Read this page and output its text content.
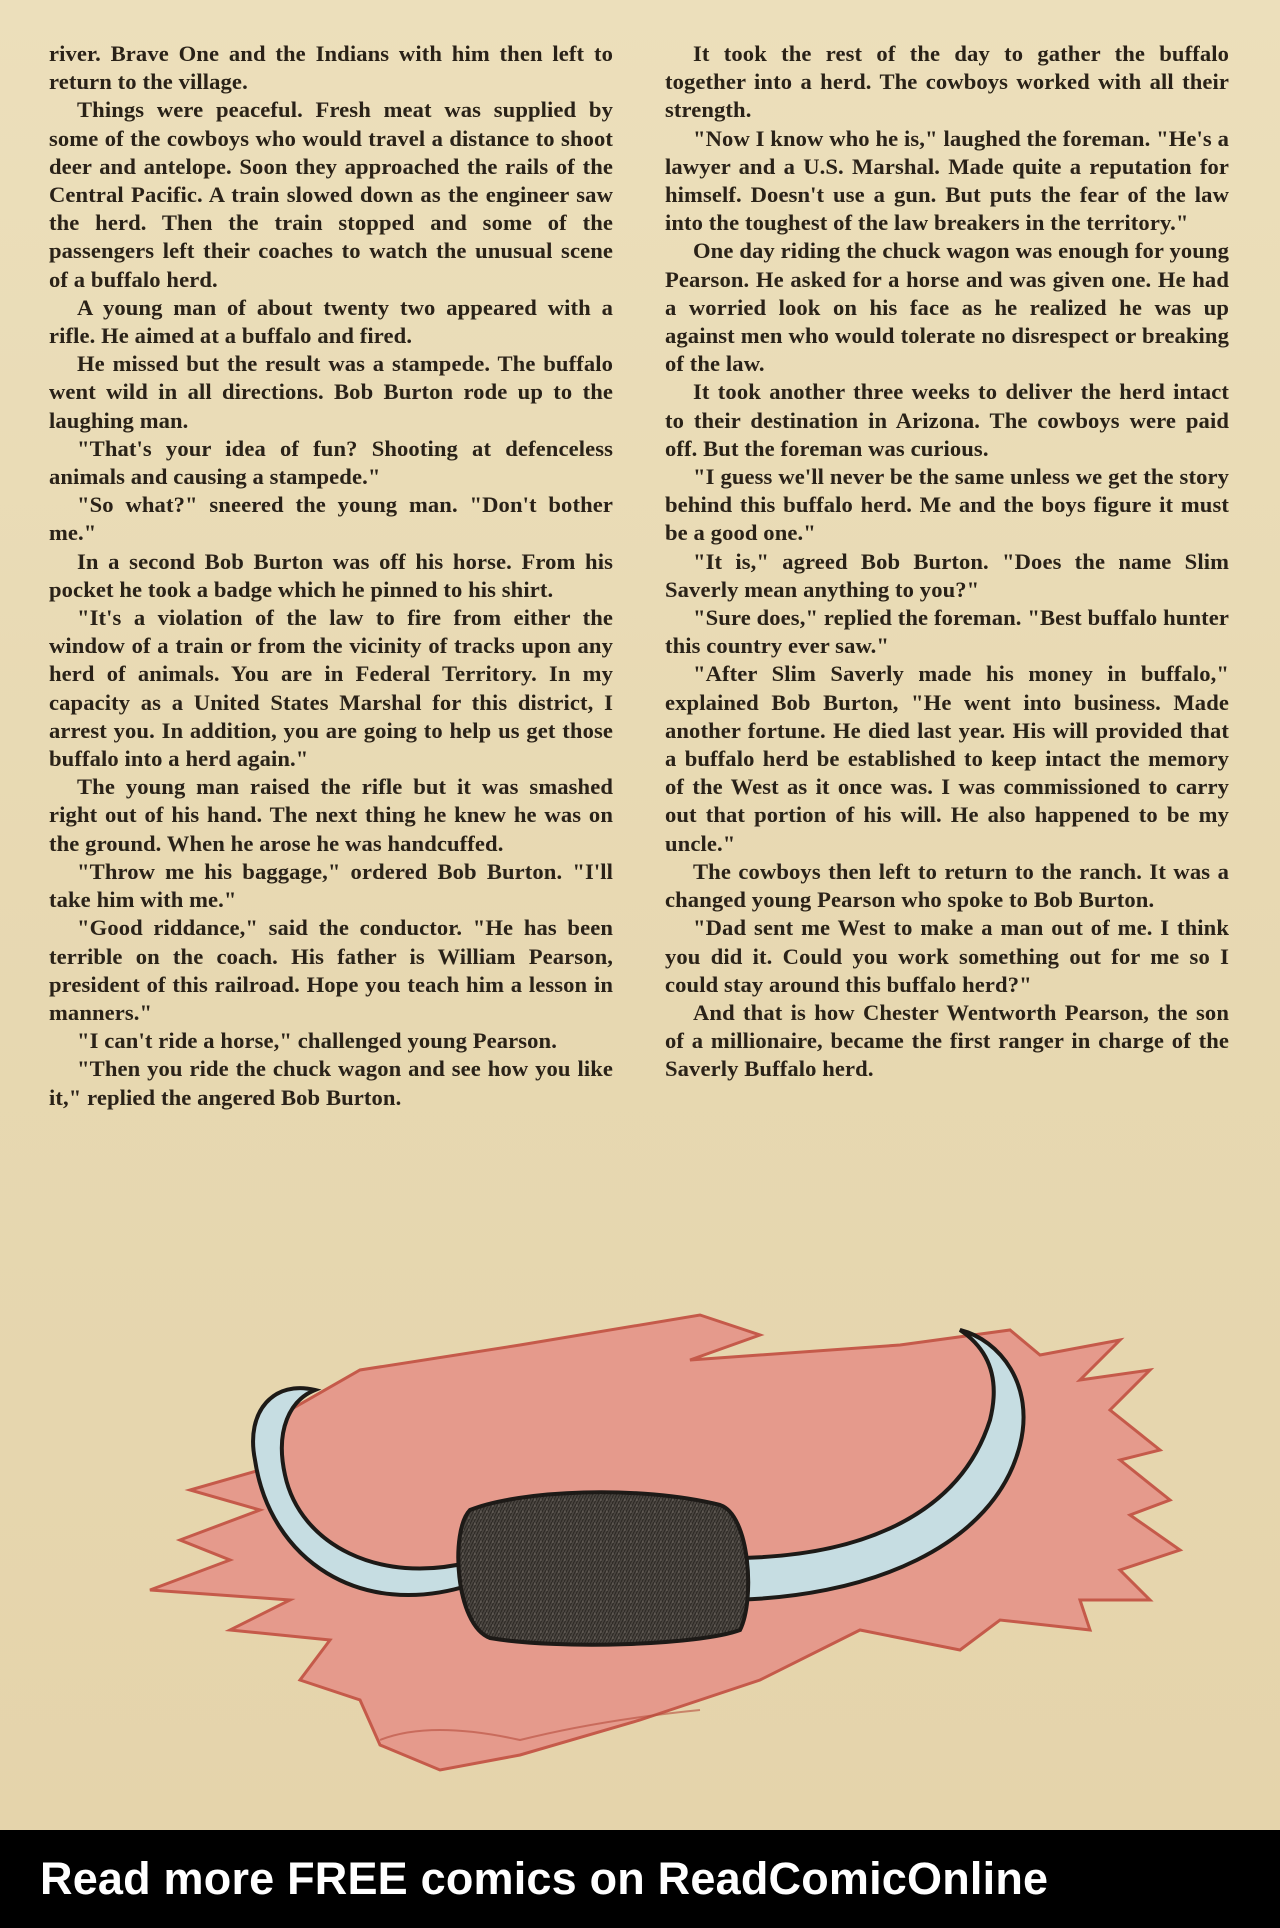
river. Brave One and the Indians with him then left to return to the village.

Things were peaceful. Fresh meat was supplied by some of the cowboys who would travel a distance to shoot deer and antelope. Soon they approached the rails of the Central Pacific. A train slowed down as the engineer saw the herd. Then the train stopped and some of the passengers left their coaches to watch the unusual scene of a buffalo herd.

A young man of about twenty two appeared with a rifle. He aimed at a buffalo and fired.

He missed but the result was a stampede. The buffalo went wild in all directions. Bob Burton rode up to the laughing man.

"That's your idea of fun? Shooting at defenceless animals and causing a stampede."

"So what?" sneered the young man. "Don't bother me."

In a second Bob Burton was off his horse. From his pocket he took a badge which he pinned to his shirt.

"It's a violation of the law to fire from either the window of a train or from the vicinity of tracks upon any herd of animals. You are in Federal Territory. In my capacity as a United States Marshal for this district, I arrest you. In addition, you are going to help us get those buffalo into a herd again."

The young man raised the rifle but it was smashed right out of his hand. The next thing he knew he was on the ground. When he arose he was handcuffed.

"Throw me his baggage," ordered Bob Burton. "I'll take him with me."

"Good riddance," said the conductor. "He has been terrible on the coach. His father is William Pearson, president of this railroad. Hope you teach him a lesson in manners."

"I can't ride a horse," challenged young Pearson.

"Then you ride the chuck wagon and see how you like it," replied the angered Bob Burton.

It took the rest of the day to gather the buffalo together into a herd. The cowboys worked with all their strength.

"Now I know who he is," laughed the foreman. "He's a lawyer and a U.S. Marshal. Made quite a reputation for himself. Doesn't use a gun. But puts the fear of the law into the toughest of the law breakers in the territory."

One day riding the chuck wagon was enough for young Pearson. He asked for a horse and was given one. He had a worried look on his face as he realized he was up against men who would tolerate no disrespect or breaking of the law.

It took another three weeks to deliver the herd intact to their destination in Arizona. The cowboys were paid off. But the foreman was curious.

"I guess we'll never be the same unless we get the story behind this buffalo herd. Me and the boys figure it must be a good one."

"It is," agreed Bob Burton. "Does the name Slim Saverly mean anything to you?"

"Sure does," replied the foreman. "Best buffalo hunter this country ever saw."

"After Slim Saverly made his money in buffalo," explained Bob Burton, "He went into business. Made another fortune. He died last year. His will provided that a buffalo herd be established to keep intact the memory of the West as it once was. I was commissioned to carry out that portion of his will. He also happened to be my uncle."

The cowboys then left to return to the ranch. It was a changed young Pearson who spoke to Bob Burton.

"Dad sent me West to make a man out of me. I think you did it. Could you work something out for me so I could stay around this buffalo herd?"

And that is how Chester Wentworth Pearson, the son of a millionaire, became the first ranger in charge of the Saverly Buffalo herd.

Read more FREE comics on ReadComicOnline
